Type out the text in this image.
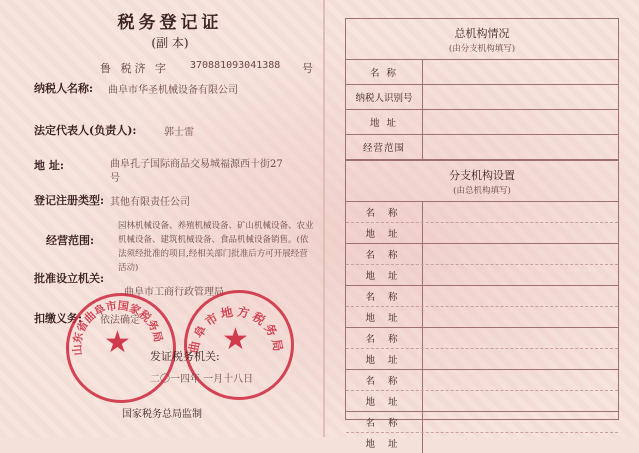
税务登记证
(副 本)
鲁 税济 字 370881093041388 号
纳税人名称: 曲阜市华圣机械设备有限公司
法定代表人(负责人):	郭士雷
地 址:	曲阜孔子国际商品交易城福源西十街27
号
登记注册类型: 其他有限责任公司
经营范围:
园林机械设备、养殖机械设备、矿山机械设备、农业机械设备、建筑机械设备、食品机械设备销售。(依法须经批准的项目,经相关部门批准后方可开展经营活动)
批准设立机关:
曲阜市工商行政管理局
扣缴义务: 依法确定
★
山东省曲阜市国家税务局 ★
曲阜市地方税务局
发证税务机关:
二〇一四年 一月十八日
国家税务总局监制
总机构情况
(由分支机构填写)
名 称
纳税人识别号
地 址
经营范围
分支机构设置
(由总机构填写)
名 称
地 址
名 称
地 址
名 称
地 址
名 称
地 址
名 称
地 址
名 称
地 址
